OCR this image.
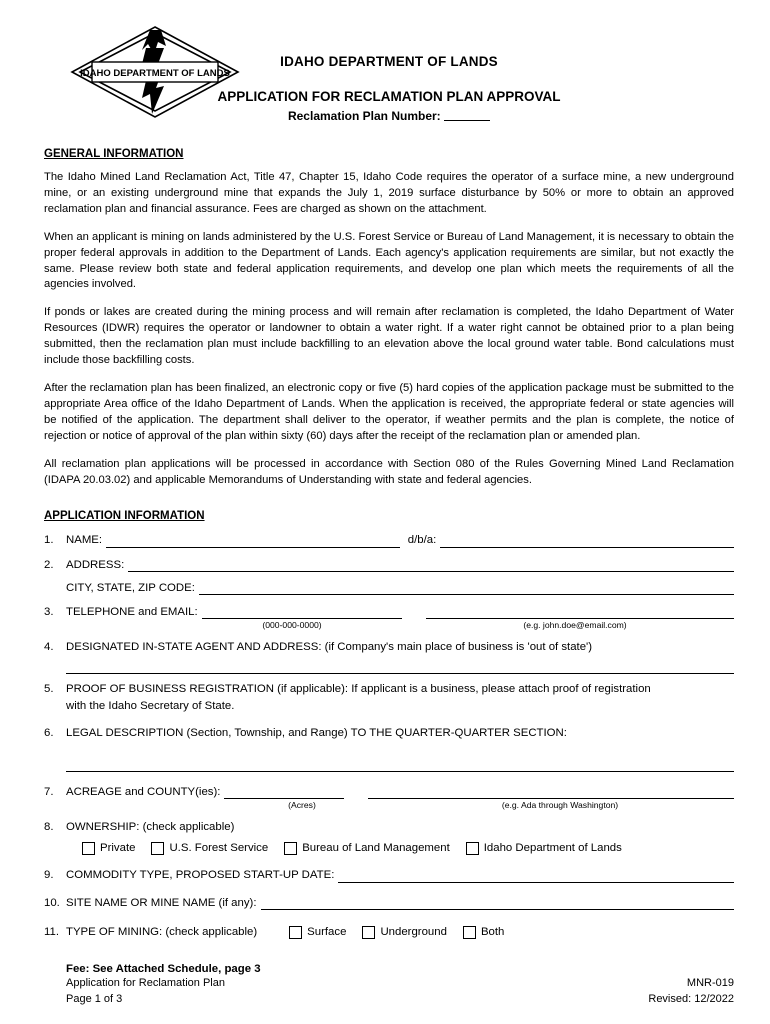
IDAHO DEPARTMENT OF LANDS
IDAHO DEPARTMENT OF LANDS
APPLICATION FOR RECLAMATION PLAN APPROVAL
Reclamation Plan Number:
GENERAL INFORMATION

The Idaho Mined Land Reclamation Act, Title 47, Chapter 15, Idaho Code requires the operator of a surface mine, a new underground mine, or an existing underground mine that expands the July 1, 2019 surface disturbance by 50% or more to obtain an approved reclamation plan and financial assurance. Fees are charged as shown on the attachment.

When an applicant is mining on lands administered by the U.S. Forest Service or Bureau of Land Management, it is necessary to obtain the proper federal approvals in addition to the Department of Lands. Each agency's application requirements are similar, but not exactly the same. Please review both state and federal application requirements, and develop one plan which meets the requirements of all the agencies involved.

If ponds or lakes are created during the mining process and will remain after reclamation is completed, the Idaho Department of Water Resources (IDWR) requires the operator or landowner to obtain a water right. If a water right cannot be obtained prior to a plan being submitted, then the reclamation plan must include backfilling to an elevation above the local ground water table. Bond calculations must include those backfilling costs.

After the reclamation plan has been finalized, an electronic copy or five (5) hard copies of the application package must be submitted to the appropriate Area office of the Idaho Department of Lands. When the application is received, the appropriate federal or state agencies will be notified of the application. The department shall deliver to the operator, if weather permits and the plan is complete, the notice of rejection or notice of approval of the plan within sixty (60) days after the receipt of the reclamation plan or amended plan.

All reclamation plan applications will be processed in accordance with Section 080 of the Rules Governing Mined Land Reclamation (IDAPA 20.03.02) and applicable Memorandums of Understanding with state and federal agencies.

APPLICATION INFORMATION
1.	NAME:	d/b/a:
2.	ADDRESS:
CITY, STATE, ZIP CODE:
3.	TELEPHONE and EMAIL:
(000-000-0000)	(e.g. john.doe@email.com)
4.	DESIGNATED IN-STATE AGENT AND ADDRESS: (if Company's main place of business is 'out of state')
5.	PROOF OF BUSINESS REGISTRATION (if applicable): If applicant is a business, please attach proof of registration
with the Idaho Secretary of State.
6.	LEGAL DESCRIPTION (Section, Township, and Range) TO THE QUARTER-QUARTER SECTION:
7.	ACREAGE and COUNTY(ies):
(Acres)	(e.g. Ada through Washington)
8.	OWNERSHIP: (check applicable)
Private	U.S. Forest Service	Bureau of Land Management	Idaho Department of Lands
9.	COMMODITY TYPE, PROPOSED START-UP DATE:
10. SITE NAME OR MINE NAME (if any):
11. TYPE OF MINING: (check applicable)	Surface	Underground	Both
Fee: See Attached Schedule, page 3
Application for Reclamation Plan
Page 1 of 3
MNR-019
Revised: 12/2022
